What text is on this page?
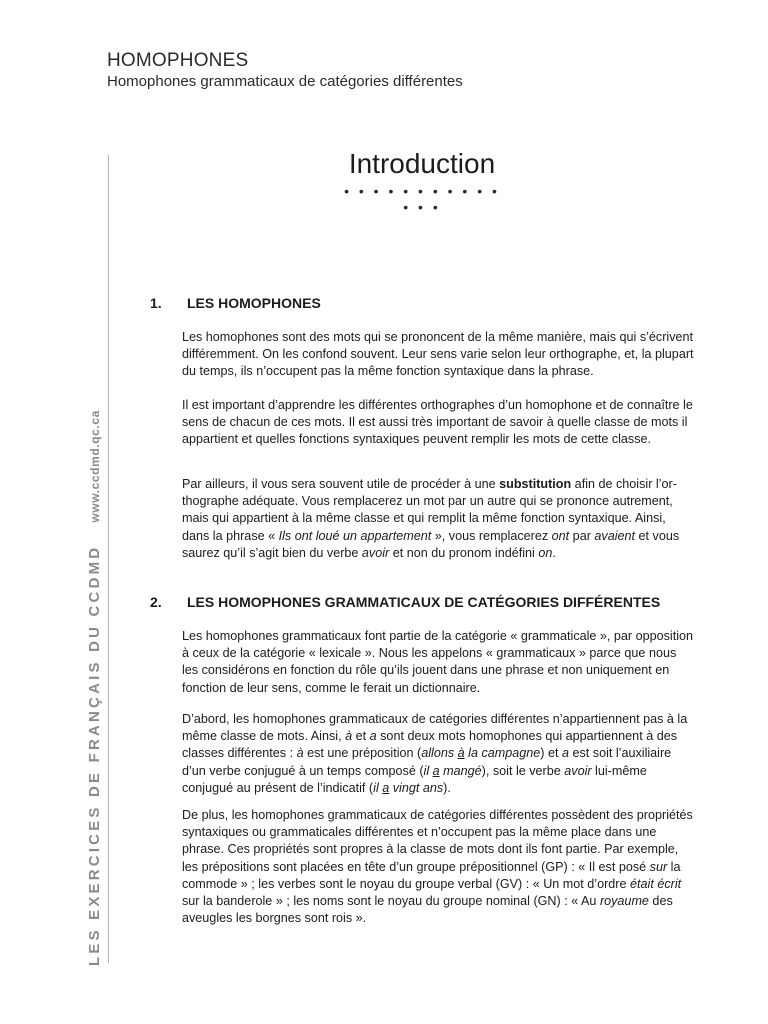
HOMOPHONES
Homophones grammaticaux de catégories différentes
LES EXERCICES DE FRANÇAIS DU CCDMDwww.ccdmd.qc.ca
Introduction
• • • • • • • • • • • • • •
1. LES HOMOPHONES
Les homophones sont des mots qui se prononcent de la même manière, mais qui s’écrivent différemment. On les confond souvent. Leur sens varie selon leur orthographe, et, la plupart du temps, ils n’occupent pas la même fonction syntaxique dans la phrase.
Il est important d’apprendre les différentes orthographes d’un homophone et de connaître le sens de chacun de ces mots. Il est aussi très important de savoir à quelle classe de mots il appartient et quelles fonctions syntaxiques peuvent remplir les mots de cette classe.
Par ailleurs, il vous sera souvent utile de procéder à une substitution afin de choisir l’orthographe adéquate. Vous remplacerez un mot par un autre qui se prononce autrement, mais qui appartient à la même classe et qui remplit la même fonction syntaxique. Ainsi, dans la phrase « Ils ont loué un appartement », vous remplacerez ont par avaient et vous saurez qu’il s’agit bien du verbe avoir et non du pronom indéfini on.
2. LES HOMOPHONES GRAMMATICAUX DE CATÉGORIES DIFFÉRENTES
Les homophones grammaticaux font partie de la catégorie « grammaticale », par opposition à ceux de la catégorie « lexicale ». Nous les appelons « grammaticaux » parce que nous les considérons en fonction du rôle qu’ils jouent dans une phrase et non uniquement en fonction de leur sens, comme le ferait un dictionnaire.
D’abord, les homophones grammaticaux de catégories différentes n’appartiennent pas à la même classe de mots. Ainsi, à et a sont deux mots homophones qui appartiennent à des classes différentes : à est une préposition (allons à la campagne) et a est soit l’auxiliaire d’un verbe conjugué à un temps composé (il a mangé), soit le verbe avoir lui-même conjugué au présent de l’indicatif (il a vingt ans).
De plus, les homophones grammaticaux de catégories différentes possèdent des propriétés syntaxiques ou grammaticales différentes et n’occupent pas la même place dans une phrase. Ces propriétés sont propres à la classe de mots dont ils font partie. Par exemple, les prépositions sont placées en tête d’un groupe prépositionnel (GP) : « Il est posé sur la commode » ; les verbes sont le noyau du groupe verbal (GV) : « Un mot d’ordre était écrit sur la banderole » ; les noms sont le noyau du groupe nominal (GN) : « Au royaume des aveugles les borgnes sont rois ».
